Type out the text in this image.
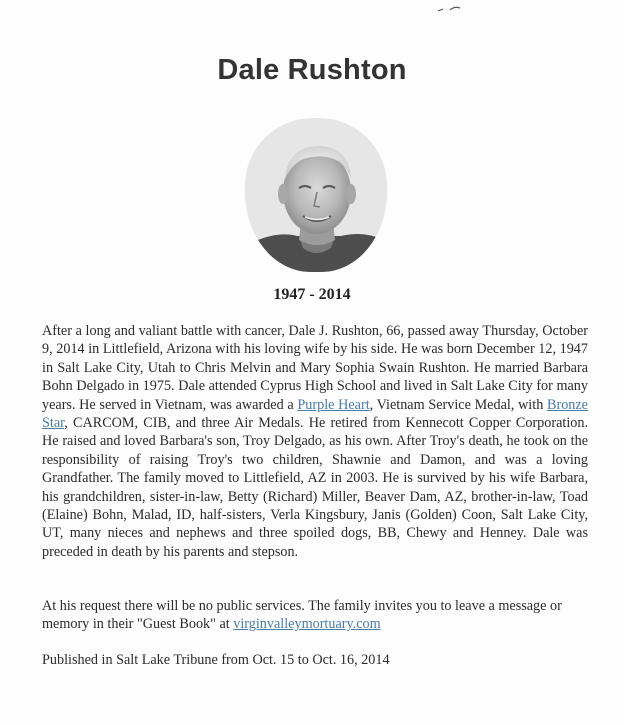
Dale Rushton
1947 - 2014

After a long and valiant battle with cancer, Dale J. Rushton, 66, passed away Thursday, October 9, 2014 in Littlefield, Arizona with his loving wife by his side. He was born December 12, 1947 in Salt Lake City, Utah to Chris Melvin and Mary Sophia Swain Rushton. He married Barbara Bohn Delgado in 1975. Dale attended Cyprus High School and lived in Salt Lake City for many years. He served in Vietnam, was awarded a Purple Heart, Vietnam Service Medal, with Bronze Star, CARCOM, CIB, and three Air Medals. He retired from Kennecott Copper Corporation. He raised and loved Barbara's son, Troy Delgado, as his own. After Troy's death, he took on the responsibility of raising Troy's two children, Shawnie and Damon, and was a loving Grandfather. The family moved to Littlefield, AZ in 2003. He is survived by his wife Barbara, his grandchildren, sister-in-law, Betty (Richard) Miller, Beaver Dam, AZ, brother-in-law, Toad (Elaine) Bohn, Malad, ID, half-sisters, Verla Kingsbury, Janis (Golden) Coon, Salt Lake City, UT, many nieces and nephews and three spoiled dogs, BB, Chewy and Henney. Dale was preceded in death by his parents and stepson.

At his request there will be no public services. The family invites you to leave a message or memory in their "Guest Book" at virginvalleymortuary.com

Published in Salt Lake Tribune from Oct. 15 to Oct. 16, 2014
